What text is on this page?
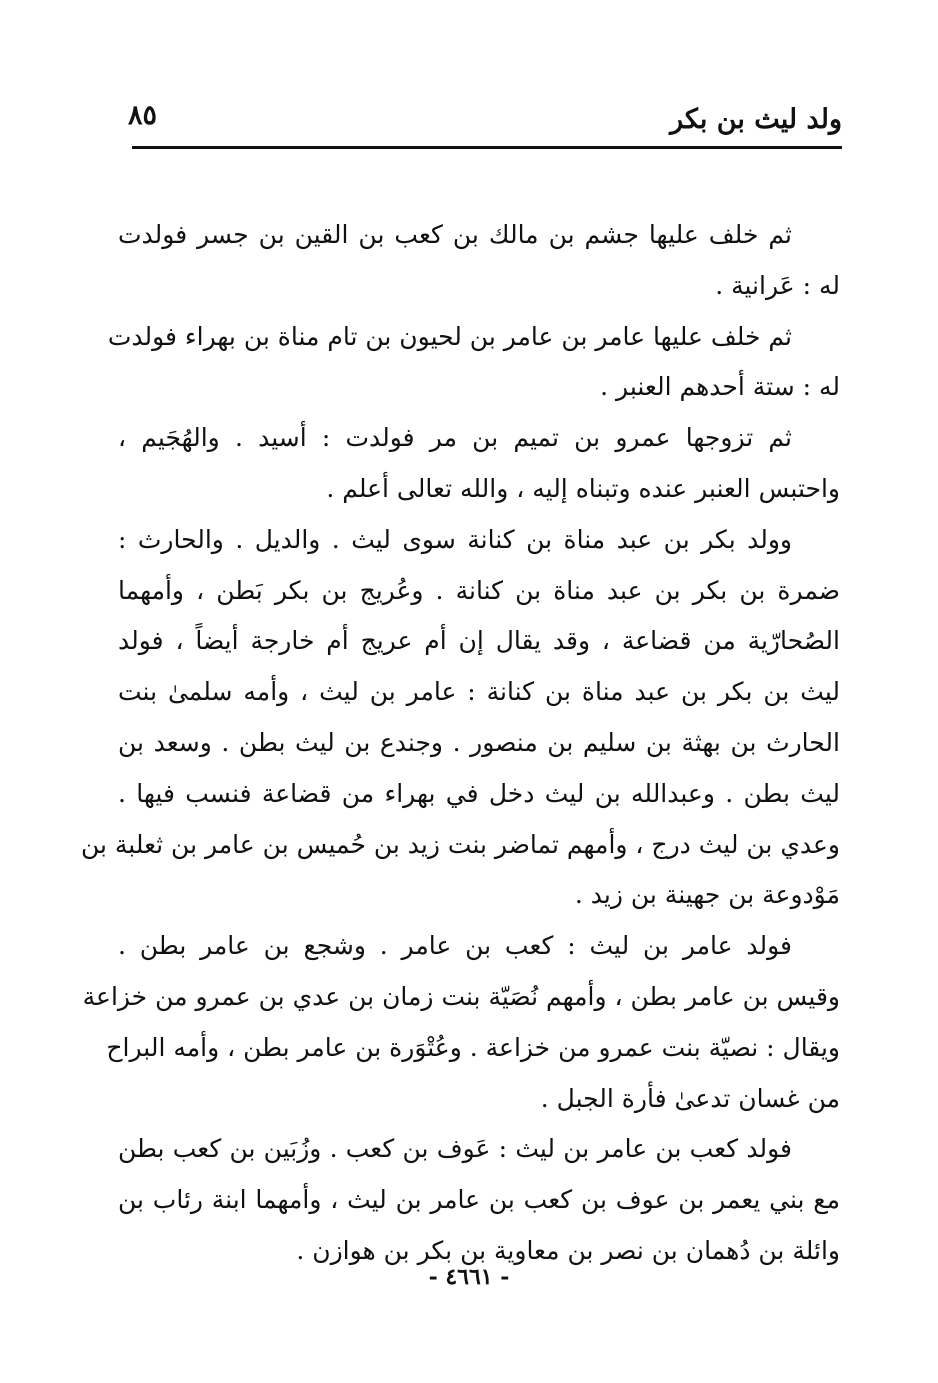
ولد ليث بن بكر
٨٥

ثم خلف عليها جشم بن مالك بن كعب بن القين بن جسر فولدت
له : عَرانية .

ثم خلف عليها عامر بن عامر بن لحيون بن تام مناة بن بهراء فولدت
له : ستة أحدهم العنبر .

ثم تزوجها عمرو بن تميم بن مر فولدت : أسيد . والهُجَيم ،
واحتبس العنبر عنده وتبناه إليه ، والله تعالى أعلم .

وولد بكر بن عبد مناة بن كنانة سوى ليث . والديل . والحارث :
ضمرة بن بكر بن عبد مناة بن كنانة . وعُريج بن بكر بَطن ، وأمهما
الصُحارّية من قضاعة ، وقد يقال إن أم عريج أم خارجة أيضاً ، فولد
ليث بن بكر بن عبد مناة بن كنانة : عامر بن ليث ، وأمه سلمىٰ بنت
الحارث بن بهثة بن سليم بن منصور . وجندع بن ليث بطن . وسعد بن
ليث بطن . وعبدالله بن ليث دخل في بهراء من قضاعة فنسب فيها .
وعدي بن ليث درج ، وأمهم تماضر بنت زيد بن حُميس بن عامر بن ثعلبة بن
مَوْدوعة بن جهينة بن زيد .

فولد عامر بن ليث : كعب بن عامر . وشجع بن عامر بطن .
وقيس بن عامر بطن ، وأمهم نُصَيّة بنت زمان بن عدي بن عمرو من خزاعة
ويقال : نصيّة بنت عمرو من خزاعة . وعُتْوَرة بن عامر بطن ، وأمه البراح
من غسان تدعىٰ فأرة الجبل .

فولد كعب بن عامر بن ليث : عَوف بن كعب . وزُبَين بن كعب بطن
مع بني يعمر بن عوف بن كعب بن عامر بن ليث ، وأمهما ابنة رئاب بن
وائلة بن دُهمان بن نصر بن معاوية بن بكر بن هوازن .

- ٤٦٦١ -
